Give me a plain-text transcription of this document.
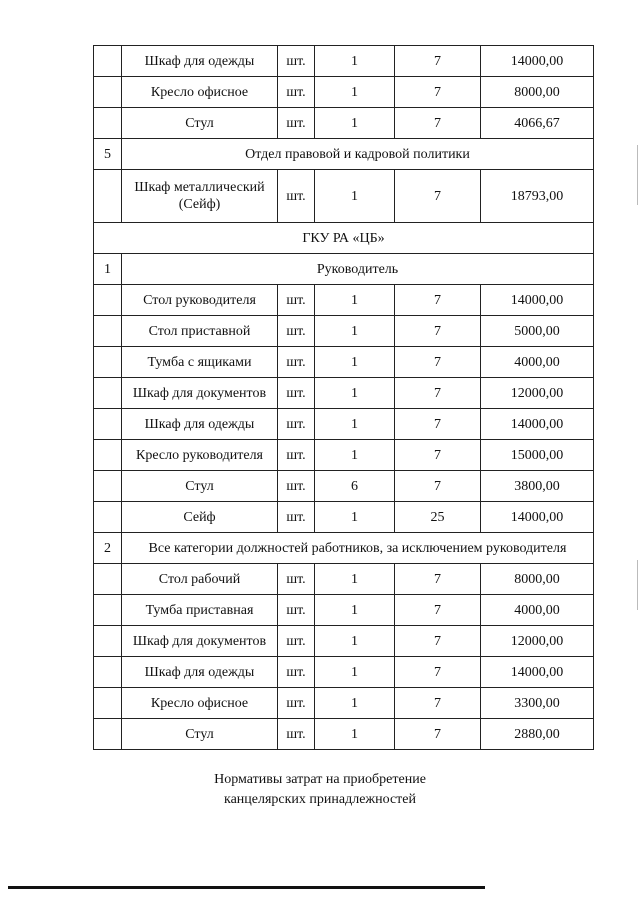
	Шкаф для одежды	шт.	1	7	14000,00
	Кресло офисное	шт.	1	7	8000,00
	Стул	шт.	1	7	4066,67
5	Отдел правовой и кадровой политики				
	Шкаф металлический (Сейф)	шт.	1	7	18793,00
ГКУ РА «ЦБ»					
1	Руководитель				
	Стол руководителя	шт.	1	7	14000,00
	Стол приставной	шт.	1	7	5000,00
	Тумба с ящиками	шт.	1	7	4000,00
	Шкаф для документов	шт.	1	7	12000,00
	Шкаф для одежды	шт.	1	7	14000,00
	Кресло руководителя	шт.	1	7	15000,00
	Стул	шт.	6	7	3800,00
	Сейф	шт.	1	25	14000,00
2	Все категории должностей работников, за исключением руководителя				
	Стол рабочий	шт.	1	7	8000,00
	Тумба приставная	шт.	1	7	4000,00
	Шкаф для документов	шт.	1	7	12000,00
	Шкаф для одежды	шт.	1	7	14000,00
	Кресло офисное	шт.	1	7	3300,00
	Стул	шт.	1	7	2880,00
Нормативы затрат на приобретение
канцелярских принадлежностей
